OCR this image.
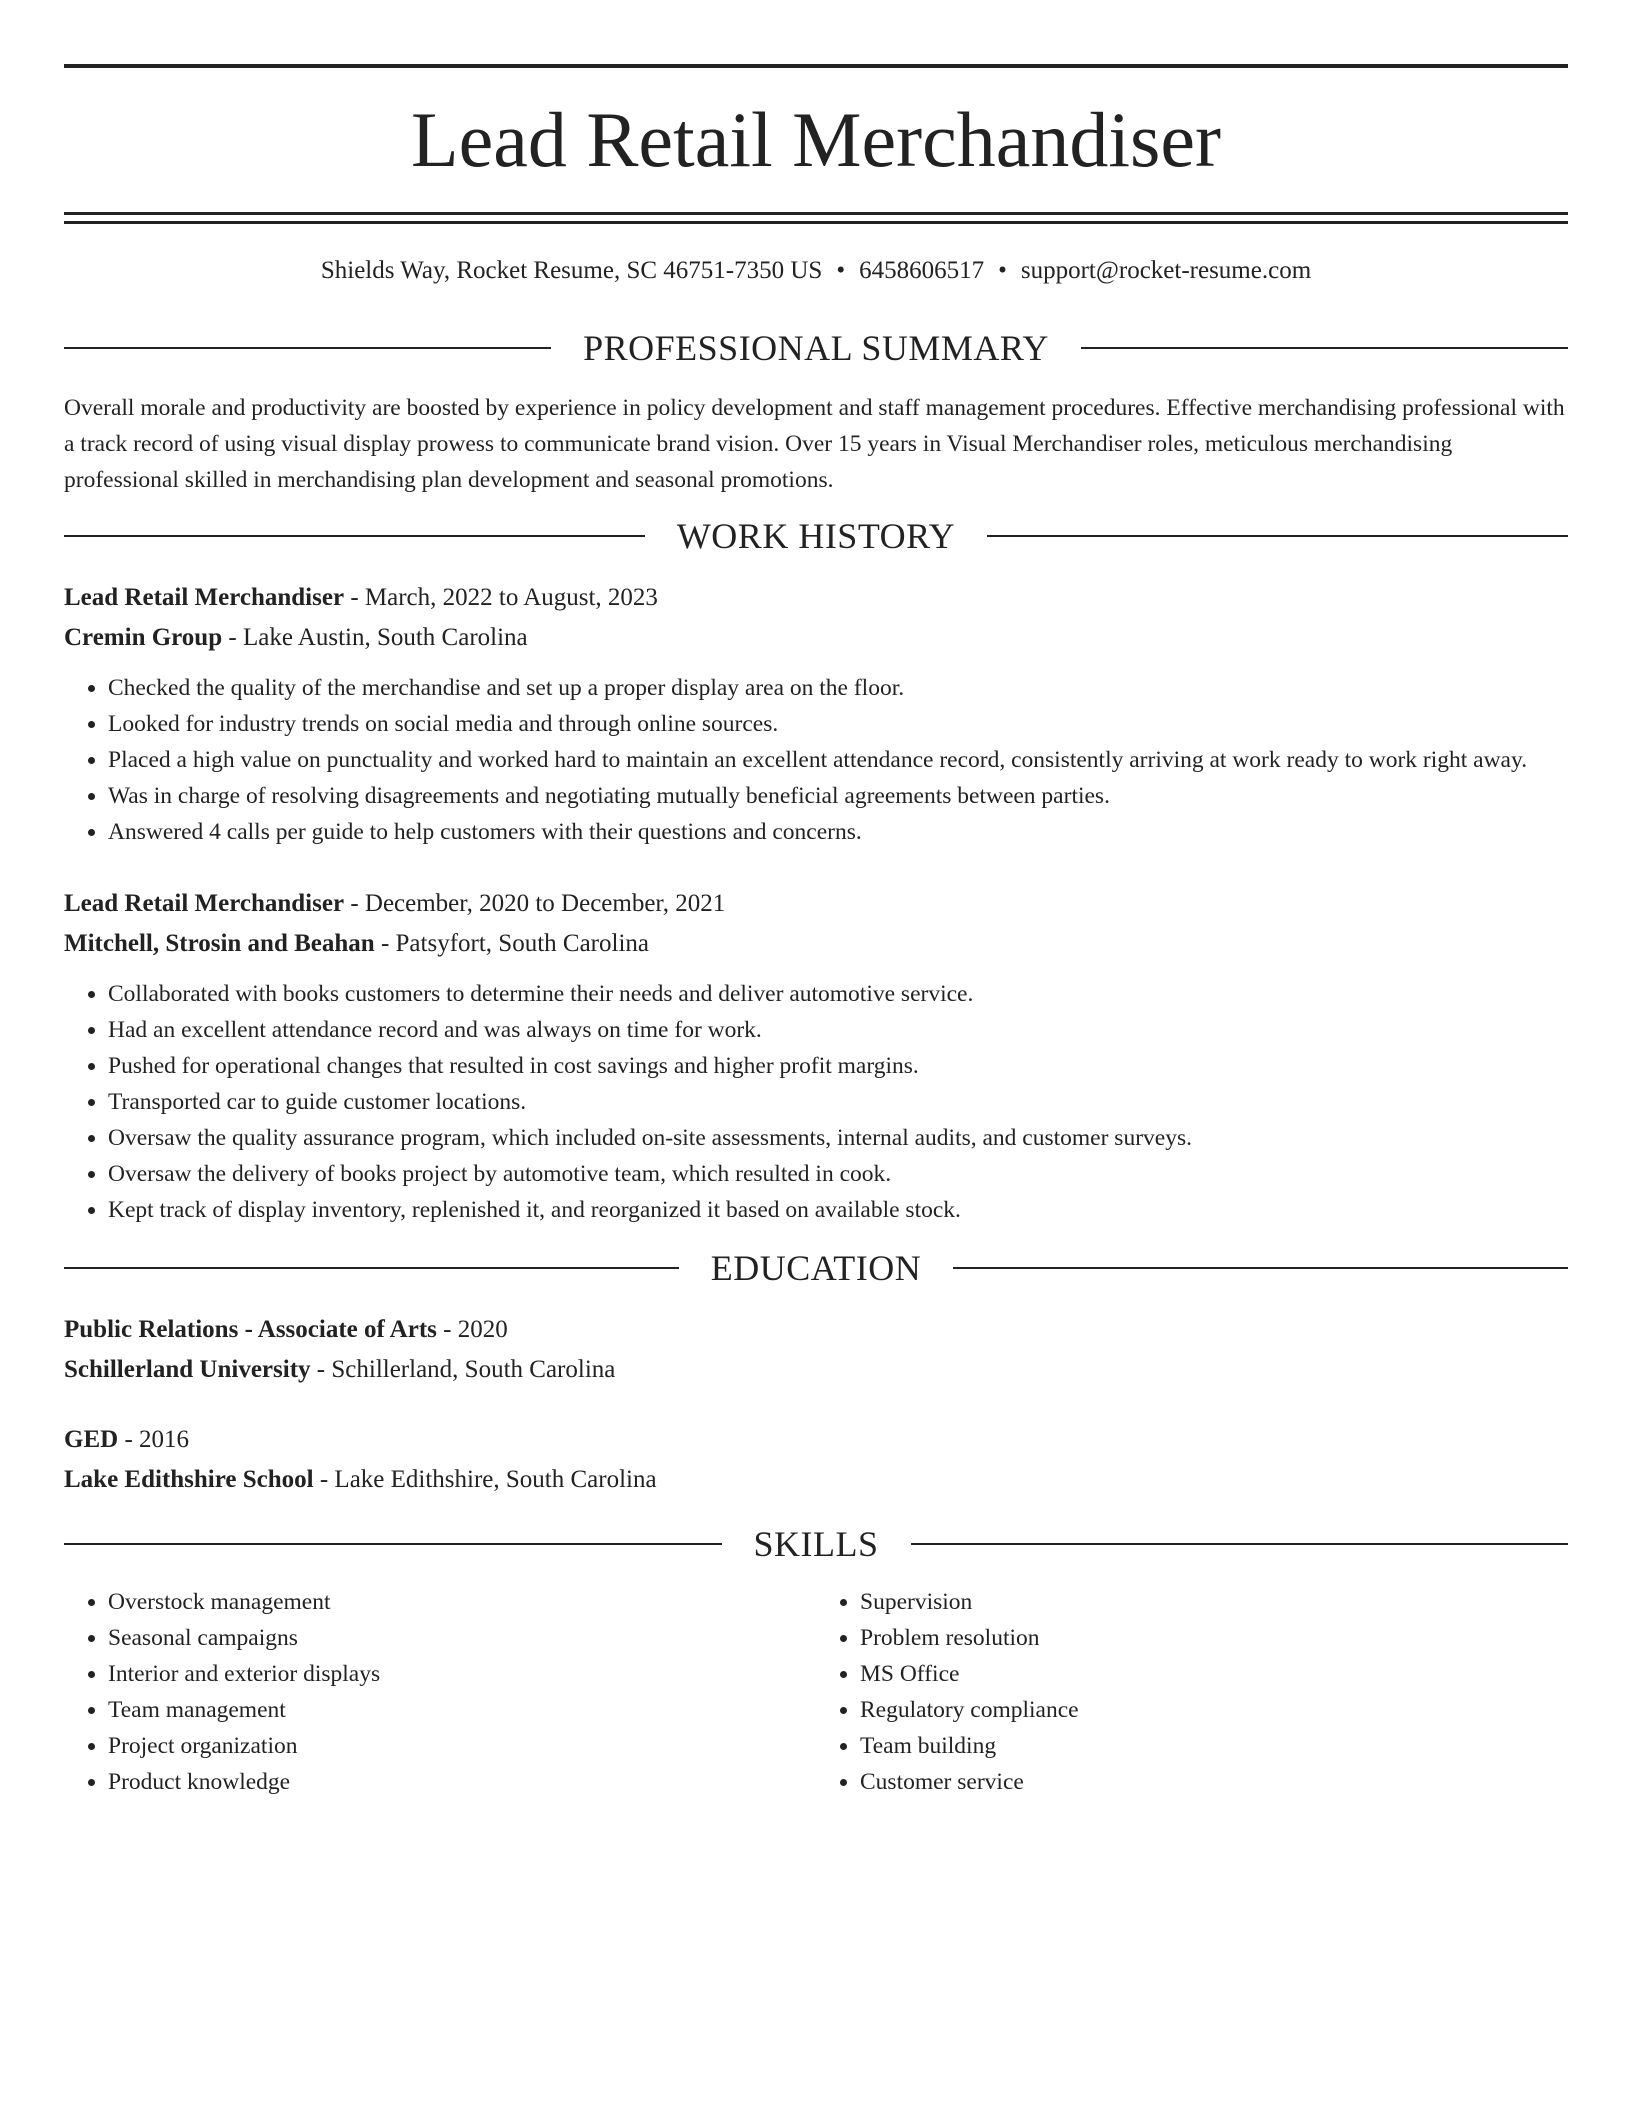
Lead Retail Merchandiser
Shields Way, Rocket Resume, SC 46751-7350 US • 6458606517 • support@rocket-resume.com
PROFESSIONAL SUMMARY
Overall morale and productivity are boosted by experience in policy development and staff management procedures. Effective merchandising professional with a track record of using visual display prowess to communicate brand vision. Over 15 years in Visual Merchandiser roles, meticulous merchandising professional skilled in merchandising plan development and seasonal promotions.
WORK HISTORY
Lead Retail Merchandiser - March, 2022 to August, 2023
Cremin Group - Lake Austin, South Carolina
• Checked the quality of the merchandise and set up a proper display area on the floor.
• Looked for industry trends on social media and through online sources.
• Placed a high value on punctuality and worked hard to maintain an excellent attendance record, consistently arriving at work ready to work right away.
• Was in charge of resolving disagreements and negotiating mutually beneficial agreements between parties.
• Answered 4 calls per guide to help customers with their questions and concerns.
Lead Retail Merchandiser - December, 2020 to December, 2021
Mitchell, Strosin and Beahan - Patsyfort, South Carolina
• Collaborated with books customers to determine their needs and deliver automotive service.
• Had an excellent attendance record and was always on time for work.
• Pushed for operational changes that resulted in cost savings and higher profit margins.
• Transported car to guide customer locations.
• Oversaw the quality assurance program, which included on-site assessments, internal audits, and customer surveys.
• Oversaw the delivery of books project by automotive team, which resulted in cook.
• Kept track of display inventory, replenished it, and reorganized it based on available stock.
EDUCATION
Public Relations - Associate of Arts - 2020
Schillerland University - Schillerland, South Carolina
GED - 2016
Lake Edithshire School - Lake Edithshire, South Carolina
SKILLS
• Overstock management
• Seasonal campaigns
• Interior and exterior displays
• Team management
• Project organization
• Product knowledge
• Supervision
• Problem resolution
• MS Office
• Regulatory compliance
• Team building
• Customer service
